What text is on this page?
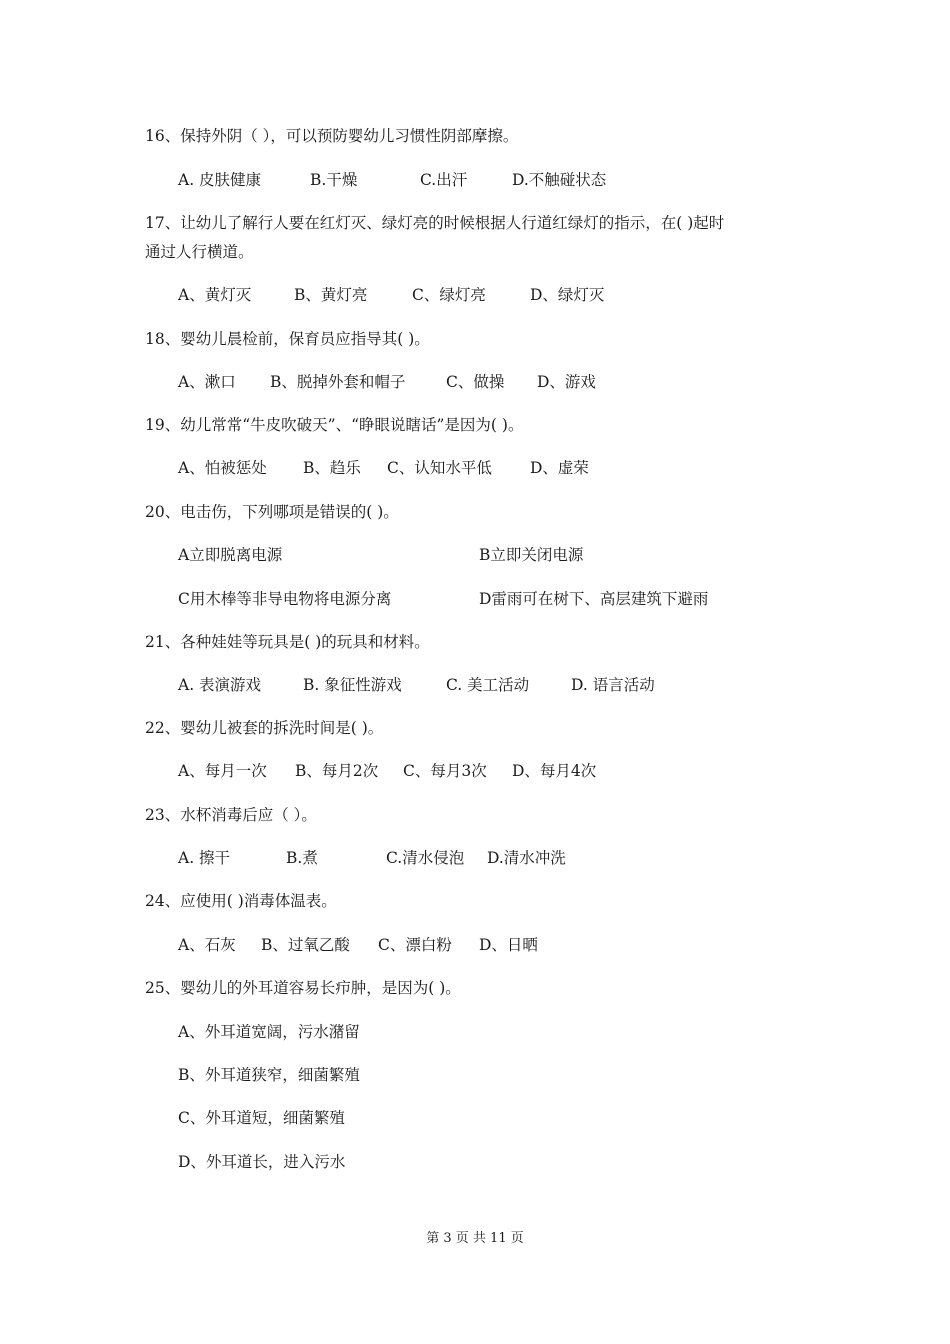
16、保持外阴（ ），可以预防婴幼儿习惯性阴部摩擦。
A. 皮肤健康	B.干燥	C.出汗	D.不触碰状态
17、让幼儿了解行人要在红灯灭、绿灯亮的时候根据人行道红绿灯的指示，在( )起时
通过人行横道。
A、黄灯灭	B、黄灯亮	C、绿灯亮	D、绿灯灭
18、婴幼儿晨检前，保育员应指导其( )。
A、漱口 B、脱掉外套和帽子	C、做操 D、游戏
19、幼儿常常“牛皮吹破天”、“睁眼说瞎话”是因为( )。
A、怕被惩处 B、趋乐 C、认知水平低 D、虚荣
20、电击伤，下列哪项是错误的( )。
A立即脱离电源	B立即关闭电源
C用木棒等非导电物将电源分离	D雷雨可在树下、高层建筑下避雨
21、各种娃娃等玩具是( )的玩具和材料。
A. 表演游戏	B. 象征性游戏	C. 美工活动	D. 语言活动
22、婴幼儿被套的拆洗时间是( )。
A、每月一次 B、每月2次 C、每月3次 D、每月4次
23、水杯消毒后应（ ）。
A. 擦干	B.煮	C.清水侵泡 D.清水冲洗
24、应使用( )消毒体温表。
A、石灰 B、过氧乙酸 C、漂白粉 D、日晒
25、婴幼儿的外耳道容易长疖肿，是因为( )。
A、外耳道宽阔，污水潴留
B、外耳道狭窄，细菌繁殖
C、外耳道短，细菌繁殖
D、外耳道长，进入污水
第 3 页 共 11 页
